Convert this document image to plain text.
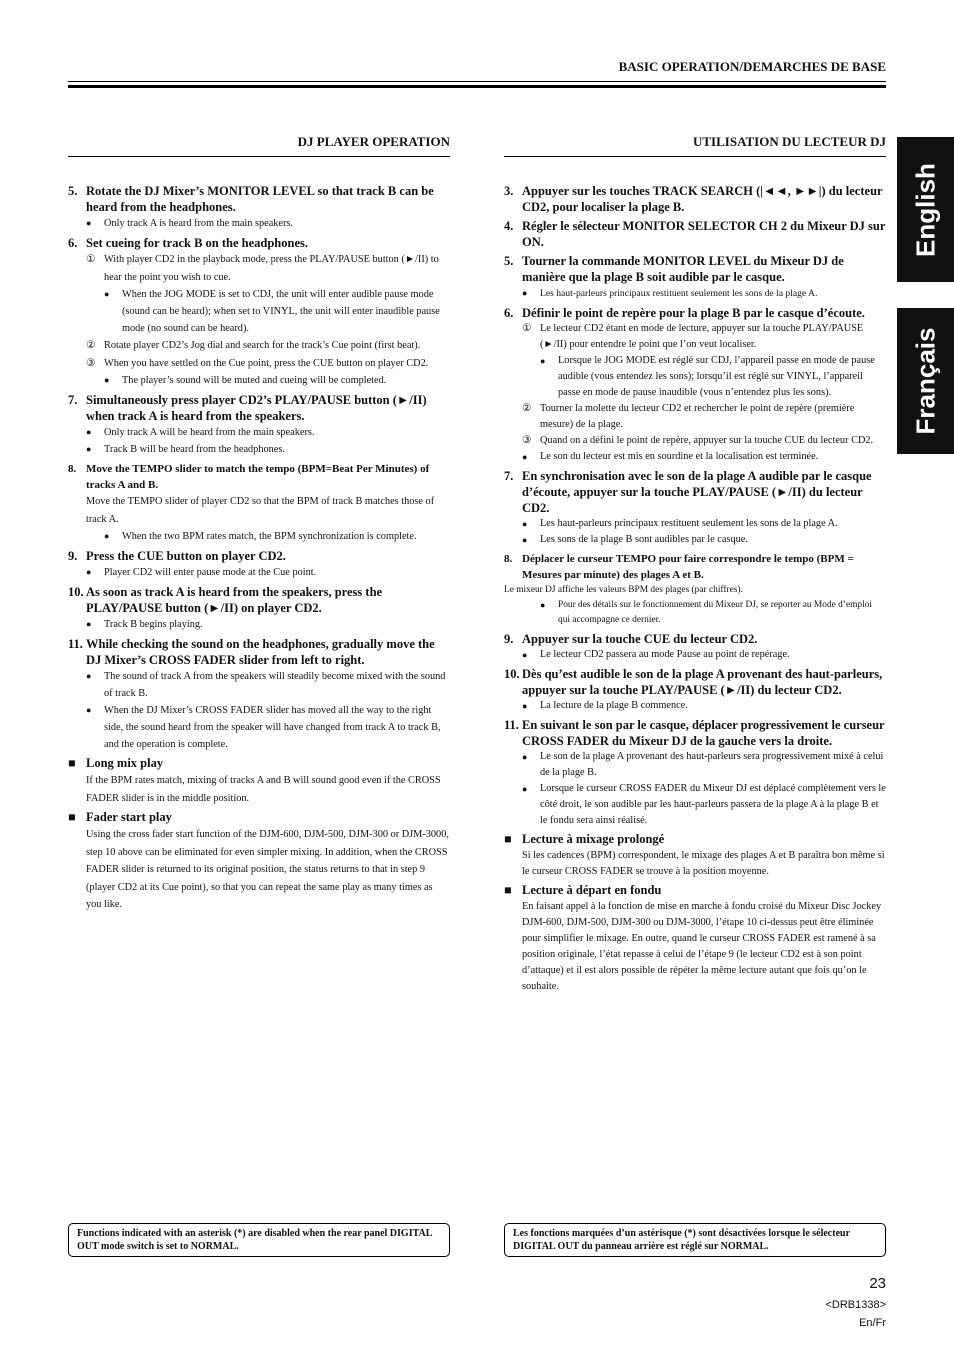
BASIC OPERATION/DEMARCHES DE BASE
English
Français
DJ PLAYER OPERATION
5. Rotate the DJ Mixer’s MONITOR LEVEL so that track B can be heard from the headphones.
●	Only track A is heard from the main speakers.
6. Set cueing for track B on the headphones.
① With player CD2 in the playback mode, press the PLAY/PAUSE button (►/II) to hear the point you wish to cue.
●	When the JOG MODE is set to CDJ, the unit will enter audible pause mode (sound can be heard); when set to VINYL, the unit will enter inaudible pause mode (no sound can be heard).
② Rotate player CD2’s Jog dial and search for the track’s Cue point (first beat).
③ When you have settled on the Cue point, press the CUE button on player CD2.
●	The player’s sound will be muted and cueing will be completed.
7. Simultaneously press player CD2’s PLAY/PAUSE button (►/II) when track A is heard from the speakers.
●	Only track A will be heard from the main speakers.
●	Track B will be heard from the headphones.
8. Move the TEMPO slider to match the tempo (BPM=Beat Per Minutes) of tracks A and B.
Move the TEMPO slider of player CD2 so that the BPM of track B matches those of track A.
●	When the two BPM rates match, the BPM synchronization is complete.
9. Press the CUE button on player CD2.
●	Player CD2 will enter pause mode at the Cue point.
10. As soon as track A is heard from the speakers, press the PLAY/PAUSE button (►/II) on player CD2.
●	Track B begins playing.
11. While checking the sound on the headphones, gradually move the DJ Mixer’s CROSS FADER slider from left to right.
●	The sound of track A from the speakers will steadily become mixed with the sound of track B.
●	When the DJ Mixer’s CROSS FADER slider has moved all the way to the right side, the sound heard from the speaker will have changed from track A to track B, and the operation is complete.
■ Long mix play
If the BPM rates match, mixing of tracks A and B will sound good even if the CROSS FADER slider is in the middle position.
■ Fader start play
Using the cross fader start function of the DJM-600, DJM-500, DJM-300 or DJM-3000, step 10 above can be eliminated for even simpler mixing. In addition, when the CROSS FADER slider is returned to its original position, the status returns to that in step 9 (player CD2 at its Cue point), so that you can repeat the same play as many times as you like.
UTILISATION DU LECTEUR DJ
3. Appuyer sur les touches TRACK SEARCH (|◄◄, ►►|) du lecteur CD2, pour localiser la plage B.
4. Régler le sélecteur MONITOR SELECTOR CH 2 du Mixeur DJ sur ON.
5. Tourner la commande MONITOR LEVEL du Mixeur DJ de manière que la plage B soit audible par le casque.
●	Les haut-parleurs principaux restituent seulement les sons de la plage A.
6. Définir le point de repère pour la plage B par le casque d’écoute.
① Le lecteur CD2 étant en mode de lecture, appuyer sur la touche PLAY/PAUSE (►/II) pour entendre le point que l’on veut localiser.
●	Lorsque le JOG MODE est réglé sur CDJ, l’appareil passe en mode de pause audible (vous entendez les sons); lorsqu’il est réglé sur VINYL, l’appareil passe en mode de pause inaudible (vous n’entendez plus les sons).
② Tourner la molette du lecteur CD2 et rechercher le point de repère (première mesure) de la plage.
③ Quand on a défini le point de repère, appuyer sur la touche CUE du lecteur CD2.
●	Le son du lecteur est mis en sourdine et la localisation est terminée.
7. En synchronisation avec le son de la plage A audible par le casque d’écoute, appuyer sur la touche PLAY/PAUSE (►/II) du lecteur CD2.
●	Les haut-parleurs principaux restituent seulement les sons de la plage A.
●	Les sons de la plage B sont audibles par le casque.
8. Déplacer le curseur TEMPO pour faire correspondre le tempo (BPM = Mesures par minute) des plages A et B.
Le mixeur DJ affiche les valeurs BPM des plages (par chiffres).
●	Pour des détails sur le fonctionnement du Mixeur DJ, se reporter au Mode d’emploi qui accompagne ce dernier.
9. Appuyer sur la touche CUE du lecteur CD2.
●	Le lecteur CD2 passera au mode Pause au point de repérage.
10. Dès qu’est audible le son de la plage A provenant des haut-parleurs, appuyer sur la touche PLAY/PAUSE (►/II) du lecteur CD2.
●	La lecture de la plage B commence.
11. En suivant le son par le casque, déplacer progressivement le curseur CROSS FADER du Mixeur DJ de la gauche vers la droite.
●	Le son de la plage A provenant des haut-parleurs sera progressivement mixé à celui de la plage B.
●	Lorsque le curseur CROSS FADER du Mixeur DJ est déplacé complètement vers le côté droit, le son audible par les haut-parleurs passera de la plage A à la plage B et le fondu sera ainsi réalisé.
■ Lecture à mixage prolongé
Si les cadences (BPM) correspondent, le mixage des plages A et B paraîtra bon même si le curseur CROSS FADER se trouve à la position moyenne.
■ Lecture à départ en fondu
En faisant appel à la fonction de mise en marche à fondu croisé du Mixeur Disc Jockey DJM-600, DJM-500, DJM-300 ou DJM-3000, l’étape 10 ci-dessus peut être éliminée pour simplifier le mixage. En outre, quand le curseur CROSS FADER est ramené à sa position originale, l’état repasse à celui de l’étape 9 (le lecteur CD2 est à son point d’attaque) et il est alors possible de répéter la même lecture autant que fois qu’on le souhaite.
Functions indicated with an asterisk (*) are disabled when the rear panel DIGITAL OUT mode switch is set to NORMAL.
Les fonctions marquées d’un astérisque (*) sont désactivées lorsque le sélecteur DIGITAL OUT du panneau arrière est réglé sur NORMAL.
23
<DRB1338>
En/Fr
